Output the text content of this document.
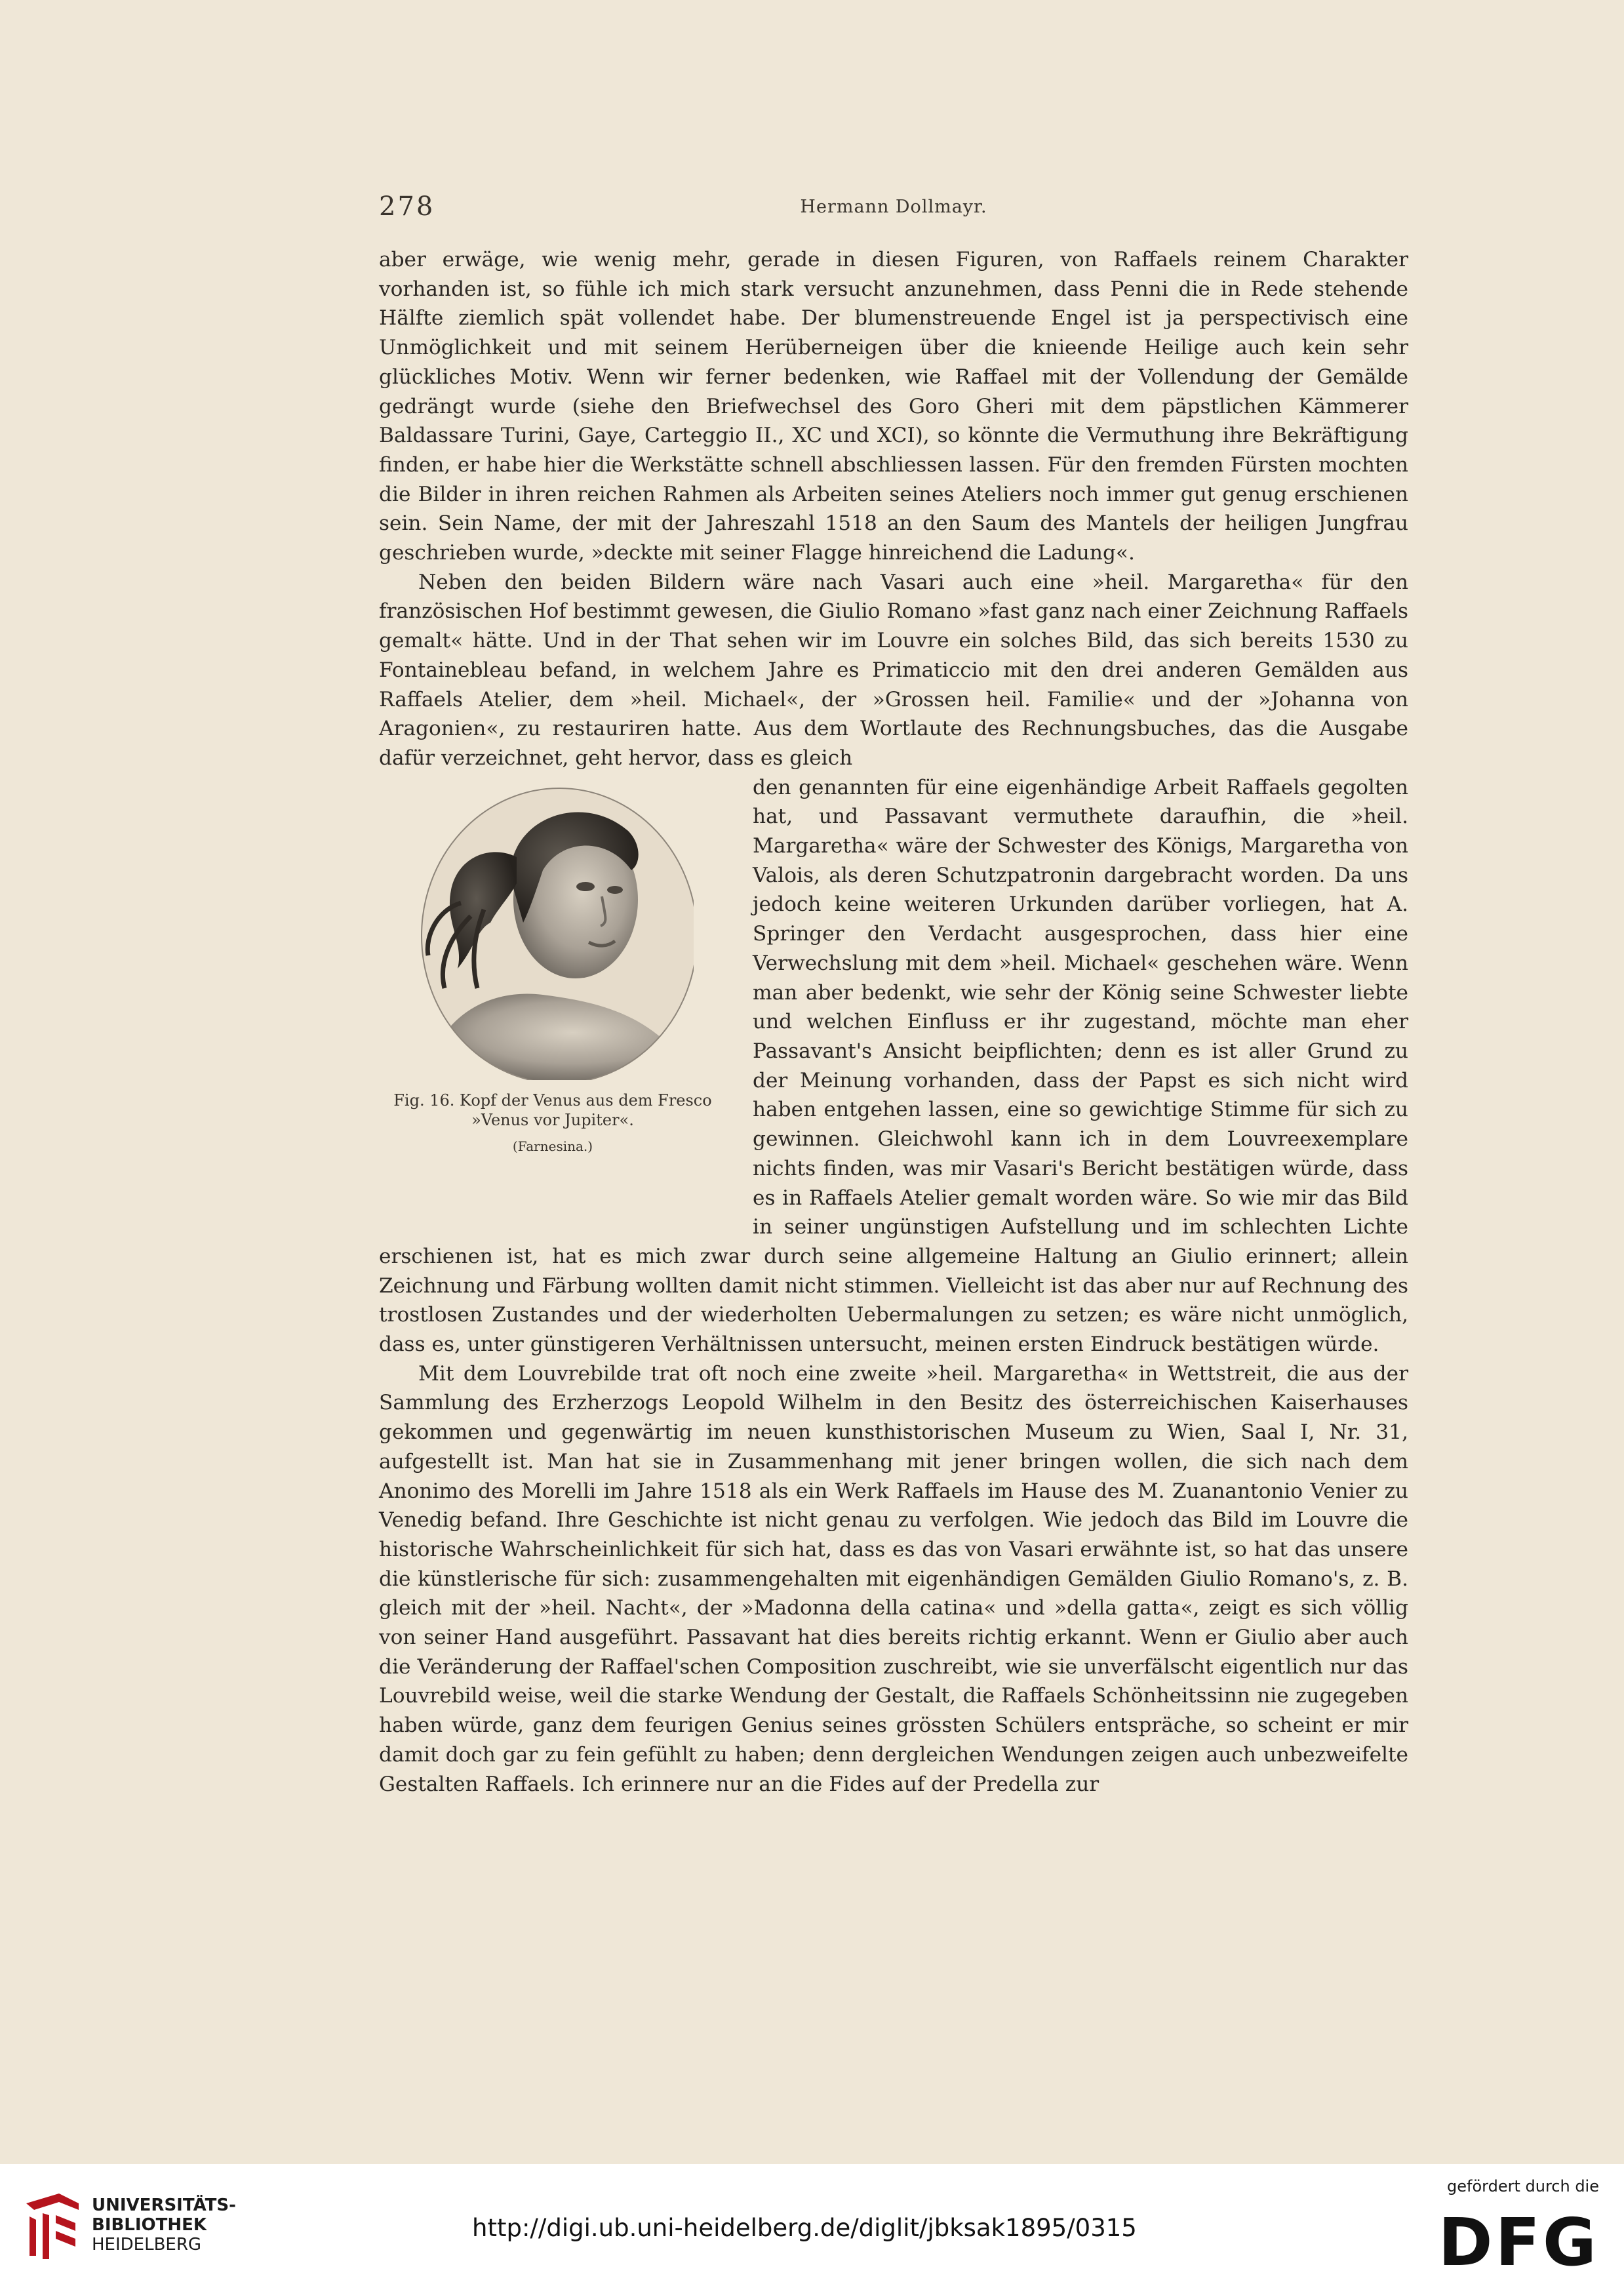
278	Hermann Dollmayr.

aber erwäge, wie wenig mehr, gerade in diesen Figuren, von Raffaels reinem Charakter vorhanden ist, so fühle ich mich stark versucht anzunehmen, dass Penni die in Rede stehende Hälfte ziemlich spät vollendet habe. Der blumenstreuende Engel ist ja perspectivisch eine Unmöglichkeit und mit seinem Herüberneigen über die knieende Heilige auch kein sehr glückliches Motiv. Wenn wir ferner bedenken, wie Raffael mit der Vollendung der Gemälde gedrängt wurde (siehe den Briefwechsel des Goro Gheri mit dem päpstlichen Kämmerer Baldassare Turini, Gaye, Carteggio II., XC und XCI), so könnte die Vermuthung ihre Bekräftigung finden, er habe hier die Werkstätte schnell abschliessen lassen. Für den fremden Fürsten mochten die Bilder in ihren reichen Rahmen als Arbeiten seines Ateliers noch immer gut genug erschienen sein. Sein Name, der mit der Jahreszahl 1518 an den Saum des Mantels der heiligen Jungfrau geschrieben wurde, »deckte mit seiner Flagge hinreichend die Ladung«.

Neben den beiden Bildern wäre nach Vasari auch eine »heil. Margaretha« für den französischen Hof bestimmt gewesen, die Giulio Romano »fast ganz nach einer Zeichnung Raffaels gemalt« hätte. Und in der That sehen wir im Louvre ein solches Bild, das sich bereits 1530 zu Fontainebleau befand, in welchem Jahre es Primaticcio mit den drei anderen Gemälden aus Raffaels Atelier, dem »heil. Michael«, der »Grossen heil. Familie« und der »Johanna von Aragonien«, zu restauriren hatte. Aus dem Wortlaute des Rechnungsbuches, das die Ausgabe dafür verzeichnet, geht hervor, dass es gleich

Fig. 16. Kopf der Venus aus dem Fresco
»Venus vor Jupiter«.
(Farnesina.)

den genannten für eine eigenhändige Arbeit Raffaels gegolten hat, und Passavant vermuthete daraufhin, die »heil. Margaretha« wäre der Schwester des Königs, Margaretha von Valois, als deren Schutzpatronin dargebracht worden. Da uns jedoch keine weiteren Urkunden darüber vorliegen, hat A. Springer den Verdacht ausgesprochen, dass hier eine Verwechslung mit dem »heil. Michael« geschehen wäre. Wenn man aber bedenkt, wie sehr der König seine Schwester liebte und welchen Einfluss er ihr zugestand, möchte man eher Passavant's Ansicht beipflichten; denn es ist aller Grund zu der Meinung vorhanden, dass der Papst es sich nicht wird haben entgehen lassen, eine so gewichtige Stimme für sich zu gewinnen. Gleichwohl kann ich in dem Louvreexemplare nichts finden, was mir Vasari's Bericht bestätigen würde, dass es in Raffaels Atelier gemalt worden wäre. So wie mir das Bild in seiner ungünstigen Aufstellung und im schlechten Lichte erschienen ist, hat es mich zwar durch seine allgemeine Haltung an Giulio erinnert; allein Zeichnung und Färbung wollten damit nicht stimmen. Vielleicht ist das aber nur auf Rechnung des trostlosen Zustandes und der wiederholten Uebermalungen zu setzen; es wäre nicht unmöglich, dass es, unter günstigeren Verhältnissen untersucht, meinen ersten Eindruck bestätigen würde.

Mit dem Louvrebilde trat oft noch eine zweite »heil. Margaretha« in Wettstreit, die aus der Sammlung des Erzherzogs Leopold Wilhelm in den Besitz des österreichischen Kaiserhauses gekommen und gegenwärtig im neuen kunsthistorischen Museum zu Wien, Saal I, Nr. 31, aufgestellt ist. Man hat sie in Zusammenhang mit jener bringen wollen, die sich nach dem Anonimo des Morelli im Jahre 1518 als ein Werk Raffaels im Hause des M. Zuanantonio Venier zu Venedig befand. Ihre Geschichte ist nicht genau zu verfolgen. Wie jedoch das Bild im Louvre die historische Wahrscheinlichkeit für sich hat, dass es das von Vasari erwähnte ist, so hat das unsere die künstlerische für sich: zusammengehalten mit eigenhändigen Gemälden Giulio Romano's, z. B. gleich mit der »heil. Nacht«, der »Madonna della catina« und »della gatta«, zeigt es sich völlig von seiner Hand ausgeführt. Passavant hat dies bereits richtig erkannt. Wenn er Giulio aber auch die Veränderung der Raffael'schen Composition zuschreibt, wie sie unverfälscht eigentlich nur das Louvrebild weise, weil die starke Wendung der Gestalt, die Raffaels Schönheitssinn nie zugegeben haben würde, ganz dem feurigen Genius seines grössten Schülers entspräche, so scheint er mir damit doch gar zu fein gefühlt zu haben; denn dergleichen Wendungen zeigen auch unbezweifelte Gestalten Raffaels. Ich erinnere nur an die Fides auf der Predella zur

UNIVERSITÄTS-
BIBLIOTHEK
HEIDELBERG
http://digi.ub.uni-heidelberg.de/diglit/jbksak1895/0315
gefördert durch die
DFG
